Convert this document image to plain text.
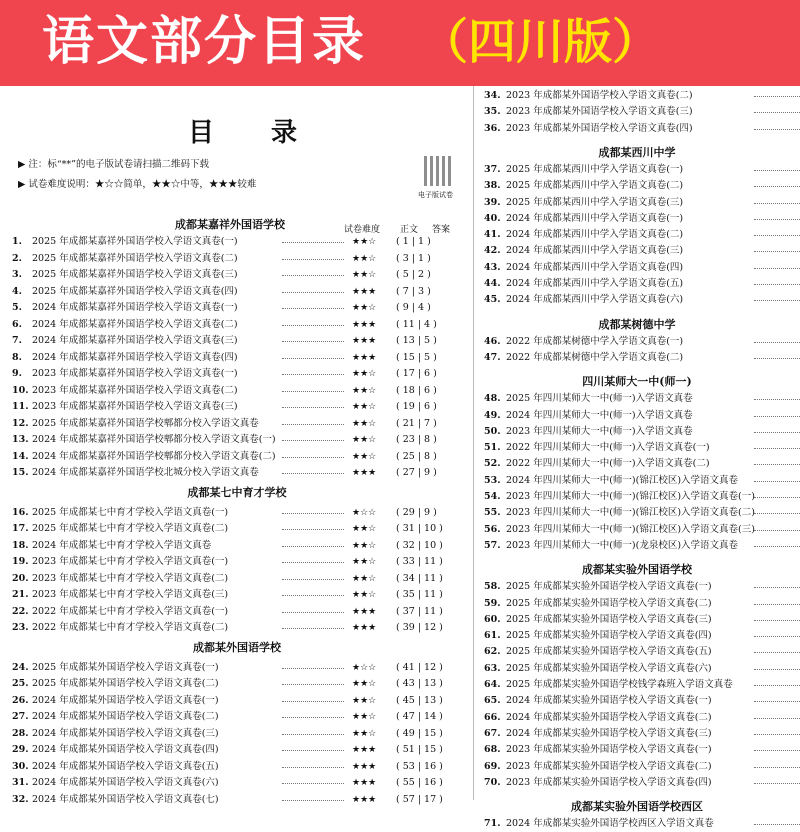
语文部分目录 （四川版）
目 录
▶ 注：标“**”的电子版试卷请扫描二维码下载
▶ 试卷难度说明：★☆☆简单，★★☆中等，★★★较难
电子版试卷
试卷难度 正文 答案
成都某嘉祥外国语学校
1. 2025 年成都某嘉祥外国语学校入学语文真卷(一)	★★☆ ( 1 | 1 )
2. 2025 年成都某嘉祥外国语学校入学语文真卷(二)	★★☆ ( 3 | 1 )
3. 2025 年成都某嘉祥外国语学校入学语文真卷(三)	★★☆ ( 5 | 2 )
4. 2025 年成都某嘉祥外国语学校入学语文真卷(四)	★★★ ( 7 | 3 )
5. 2024 年成都某嘉祥外国语学校入学语文真卷(一)	★★☆ ( 9 | 4 )
6. 2024 年成都某嘉祥外国语学校入学语文真卷(二)	★★★ ( 11 | 4 )
7. 2024 年成都某嘉祥外国语学校入学语文真卷(三)	★★★ ( 13 | 5 )
8. 2024 年成都某嘉祥外国语学校入学语文真卷(四)	★★★ ( 15 | 5 )
9. 2023 年成都某嘉祥外国语学校入学语文真卷(一)	★★☆ ( 17 | 6 )
10. 2023 年成都某嘉祥外国语学校入学语文真卷(二)	★★☆ ( 18 | 6 )
11. 2023 年成都某嘉祥外国语学校入学语文真卷(三)	★★☆ ( 19 | 6 )
12. 2025 年成都某嘉祥外国语学校郫都分校入学语文真卷	★★☆ ( 21 | 7 )
13. 2024 年成都某嘉祥外国语学校郫都分校入学语文真卷(一)	★★☆ ( 23 | 8 )
14. 2024 年成都某嘉祥外国语学校郫都分校入学语文真卷(二)	★★☆ ( 25 | 8 )
15. 2024 年成都某嘉祥外国语学校北城分校入学语文真卷	★★★ ( 27 | 9 )
成都某七中育才学校
16. 2025 年成都某七中育才学校入学语文真卷(一)	★☆☆ ( 29 | 9 )
17. 2025 年成都某七中育才学校入学语文真卷(二)	★★☆ ( 31 | 10 )
18. 2024 年成都某七中育才学校入学语文真卷	★★☆ ( 32 | 10 )
19. 2023 年成都某七中育才学校入学语文真卷(一)	★★☆ ( 33 | 11 )
20. 2023 年成都某七中育才学校入学语文真卷(二)	★★☆ ( 34 | 11 )
21. 2023 年成都某七中育才学校入学语文真卷(三)	★★☆ ( 35 | 11 )
22. 2022 年成都某七中育才学校入学语文真卷(一)	★★★ ( 37 | 11 )
23. 2022 年成都某七中育才学校入学语文真卷(二)	★★★ ( 39 | 12 )
成都某外国语学校
24. 2025 年成都某外国语学校入学语文真卷(一)	★☆☆ ( 41 | 12 )
25. 2025 年成都某外国语学校入学语文真卷(二)	★★☆ ( 43 | 13 )
26. 2024 年成都某外国语学校入学语文真卷(一)	★★☆ ( 45 | 13 )
27. 2024 年成都某外国语学校入学语文真卷(二)	★★☆ ( 47 | 14 )
28. 2024 年成都某外国语学校入学语文真卷(三)	★★☆ ( 49 | 15 )
29. 2024 年成都某外国语学校入学语文真卷(四)	★★★ ( 51 | 15 )
30. 2024 年成都某外国语学校入学语文真卷(五)	★★★ ( 53 | 16 )
31. 2024 年成都某外国语学校入学语文真卷(六)	★★★ ( 55 | 16 )
32. 2024 年成都某外国语学校入学语文真卷(七)	★★★ ( 57 | 17 )
34. 2023 年成都某外国语学校入学语文真卷(二)
35. 2023 年成都某外国语学校入学语文真卷(三)
36. 2023 年成都某外国语学校入学语文真卷(四)
成都某西川中学
37. 2025 年成都某西川中学入学语文真卷(一)
38. 2025 年成都某西川中学入学语文真卷(二)
39. 2025 年成都某西川中学入学语文真卷(三)
40. 2024 年成都某西川中学入学语文真卷(一)
41. 2024 年成都某西川中学入学语文真卷(二)
42. 2024 年成都某西川中学入学语文真卷(三)
43. 2024 年成都某西川中学入学语文真卷(四)
44. 2024 年成都某西川中学入学语文真卷(五)
45. 2024 年成都某西川中学入学语文真卷(六)
成都某树德中学
46. 2022 年成都某树德中学入学语文真卷(一)
47. 2022 年成都某树德中学入学语文真卷(二)
四川某师大一中(师一)
48. 2025 年四川某师大一中(师一)入学语文真卷
49. 2024 年四川某师大一中(师一)入学语文真卷
50. 2023 年四川某师大一中(师一)入学语文真卷
51. 2022 年四川某师大一中(师一)入学语文真卷(一)
52. 2022 年四川某师大一中(师一)入学语文真卷(二)
53. 2024 年四川某师大一中(师一)(锦江校区)入学语文真卷
54. 2023 年四川某师大一中(师一)(锦江校区)入学语文真卷(一)
55. 2023 年四川某师大一中(师一)(锦江校区)入学语文真卷(二)
56. 2023 年四川某师大一中(师一)(锦江校区)入学语文真卷(三)
57. 2023 年四川某师大一中(师一)(龙泉校区)入学语文真卷
成都某实验外国语学校
58. 2025 年成都某实验外国语学校入学语文真卷(一)
59. 2025 年成都某实验外国语学校入学语文真卷(二)
60. 2025 年成都某实验外国语学校入学语文真卷(三)
61. 2025 年成都某实验外国语学校入学语文真卷(四)
62. 2025 年成都某实验外国语学校入学语文真卷(五)
63. 2025 年成都某实验外国语学校入学语文真卷(六)
64. 2025 年成都某实验外国语学校钱学森班入学语文真卷
65. 2024 年成都某实验外国语学校入学语文真卷(一)
66. 2024 年成都某实验外国语学校入学语文真卷(二)
67. 2024 年成都某实验外国语学校入学语文真卷(三)
68. 2023 年成都某实验外国语学校入学语文真卷(一)
69. 2023 年成都某实验外国语学校入学语文真卷(二)
70. 2023 年成都某实验外国语学校入学语文真卷(四)
成都某实验外国语学校西区
71. 2024 年成都某实验外国语学校西区入学语文真卷
